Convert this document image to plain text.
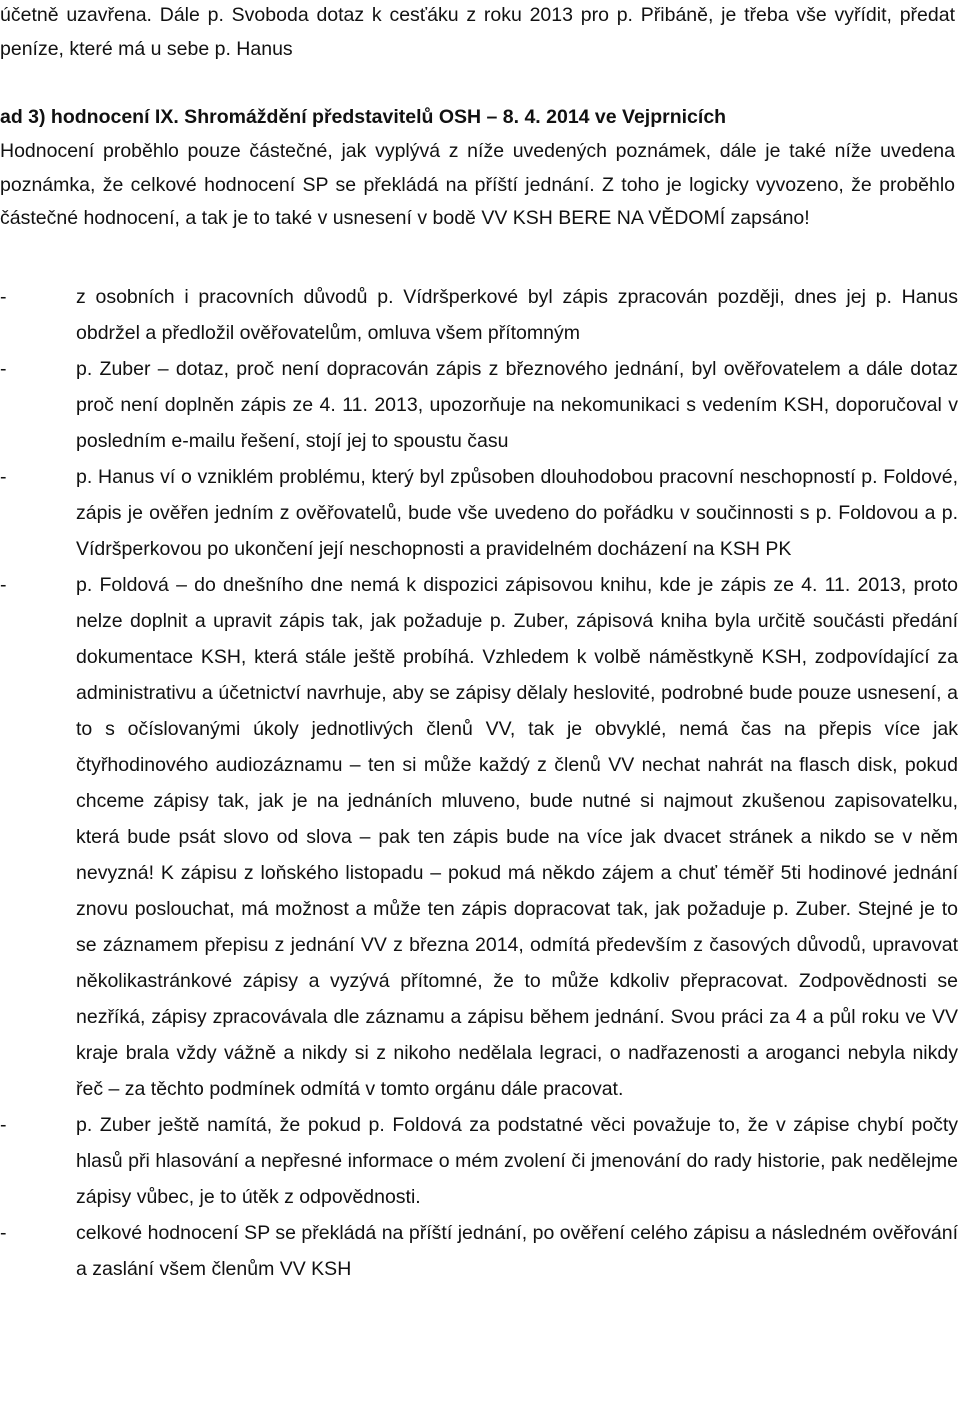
účetně uzavřena. Dále p. Svoboda dotaz k cesťáku z roku 2013 pro p. Přibáně, je třeba vše vyřídit, předat peníze, které má u sebe p. Hanus

ad 3) hodnocení IX. Shromáždění představitelů OSH – 8. 4. 2014 ve Vejprnicích

Hodnocení proběhlo pouze částečné, jak vyplývá z níže uvedených poznámek, dále je také níže uvedena poznámka, že celkové hodnocení SP se překládá na příští jednání. Z toho je logicky vyvozeno, že proběhlo částečné hodnocení, a tak je to také v usnesení v bodě VV KSH BERE NA VĚDOMÍ zapsáno!

-	z osobních i pracovních důvodů p. Vídršperkové byl zápis zpracován později, dnes jej p. Hanus obdržel a předložil ověřovatelům, omluva všem přítomným
-	p. Zuber – dotaz, proč není dopracován zápis z březnového jednání, byl ověřovatelem a dále dotaz proč není doplněn zápis ze 4. 11. 2013, upozorňuje na nekomunikaci s vedením KSH, doporučoval v posledním e-mailu řešení, stojí jej to spoustu času
-	p. Hanus ví o vzniklém problému, který byl způsoben dlouhodobou pracovní neschopností p. Foldové, zápis je ověřen jedním z ověřovatelů, bude vše uvedeno do pořádku v součinnosti s p. Foldovou a p. Vídršperkovou po ukončení její neschopnosti a pravidelném docházení na KSH PK
-	p. Foldová – do dnešního dne nemá k dispozici zápisovou knihu, kde je zápis ze 4. 11. 2013, proto nelze doplnit a upravit zápis tak, jak požaduje p. Zuber, zápisová kniha byla určitě součásti předání dokumentace KSH, která stále ještě probíhá. Vzhledem k volbě náměstkyně KSH, zodpovídající za administrativu a účetnictví navrhuje, aby se zápisy dělaly heslovité, podrobné bude pouze usnesení, a to s očíslovanými úkoly jednotlivých členů VV, tak je obvyklé, nemá čas na přepis více jak čtyřhodinového audiozáznamu – ten si může každý z členů VV nechat nahrát na flasch disk, pokud chceme zápisy tak, jak je na jednáních mluveno, bude nutné si najmout zkušenou zapisovatelku, která bude psát slovo od slova – pak ten zápis bude na více jak dvacet stránek a nikdo se v něm nevyzná! K zápisu z loňského listopadu – pokud má někdo zájem a chuť téměř 5ti hodinové jednání znovu poslouchat, má možnost a může ten zápis dopracovat tak, jak požaduje p. Zuber. Stejné je to se záznamem přepisu z jednání VV z března 2014, odmítá především z časových důvodů, upravovat několikastránkové zápisy a vyzývá přítomné, že to může kdkoliv přepracovat. Zodpovědnosti se nezříká, zápisy zpracovávala dle záznamu a zápisu během jednání. Svou práci za 4 a půl roku ve VV kraje brala vždy vážně a nikdy si z nikoho nedělala legraci, o nadřazenosti a aroganci nebyla nikdy řeč – za těchto podmínek odmítá v tomto orgánu dále pracovat.
-	p. Zuber ještě namítá, že pokud p. Foldová za podstatné věci považuje to, že v zápise chybí počty hlasů při hlasování a nepřesné informace o mém zvolení či jmenování do rady historie, pak nedělejme zápisy vůbec, je to útěk z odpovědnosti.
-	celkové hodnocení SP se překládá na příští jednání, po ověření celého zápisu a následném ověřování a zaslání všem členům VV KSH
